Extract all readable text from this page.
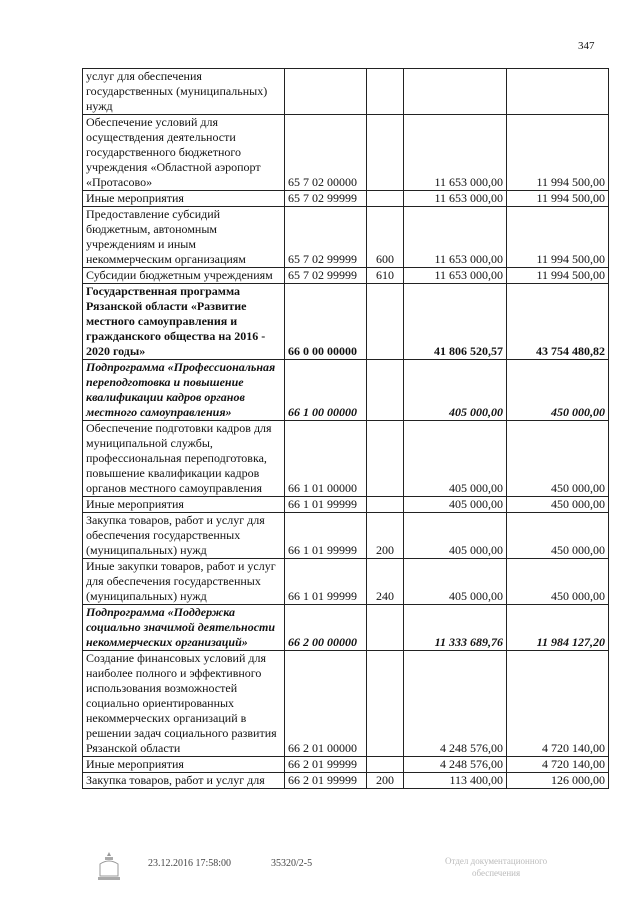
347
услуг для обеспечения государственных (муниципальных) нужд				
Обеспечение условий для осуществдения деятельности государственного бюджетного учреждения «Областной аэропорт «Протасово»	65 7 02 00000		11 653 000,00	11 994 500,00
Иные мероприятия	65 7 02 99999		11 653 000,00	11 994 500,00
Предоставление субсидий бюджетным, автономным учреждениям и иным некоммерческим организациям	65 7 02 99999	600	11 653 000,00	11 994 500,00
Субсидии бюджетным учреждениям	65 7 02 99999	610	11 653 000,00	11 994 500,00
Государственная программа Рязанской области «Развитие местного самоуправления и гражданского общества на 2016 - 2020 годы»	66 0 00 00000		41 806 520,57	43 754 480,82
Подпрограмма «Профессиональная переподготовка и повышение квалификации кадров органов местного самоуправления»	66 1 00 00000		405 000,00	450 000,00
Обеспечение подготовки кадров для муниципальной службы, профессиональная переподготовка, повышение квалификации кадров органов местного самоуправления	66 1 01 00000		405 000,00	450 000,00
Иные мероприятия	66 1 01 99999		405 000,00	450 000,00
Закупка товаров, работ и услуг для обеспечения государственных (муниципальных) нужд	66 1 01 99999	200	405 000,00	450 000,00
Иные закупки товаров, работ и услуг для обеспечения государственных (муниципальных) нужд	66 1 01 99999	240	405 000,00	450 000,00
Подпрограмма «Поддержка социально значимой деятельности некоммерческих организаций»	66 2 00 00000		11 333 689,76	11 984 127,20
Создание финансовых условий для наиболее полного и эффективного использования возможностей социально ориентированных некоммерческих организаций в решении задач социального развития Рязанской области	66 2 01 00000		4 248 576,00	4 720 140,00
Иные мероприятия	66 2 01 99999		4 248 576,00	4 720 140,00
Закупка товаров, работ и услуг для	66 2 01 99999	200	113 400,00	126 000,00
23.12.2016 17:58:00	35320/2-5	Отдел документационного
обеспечения
